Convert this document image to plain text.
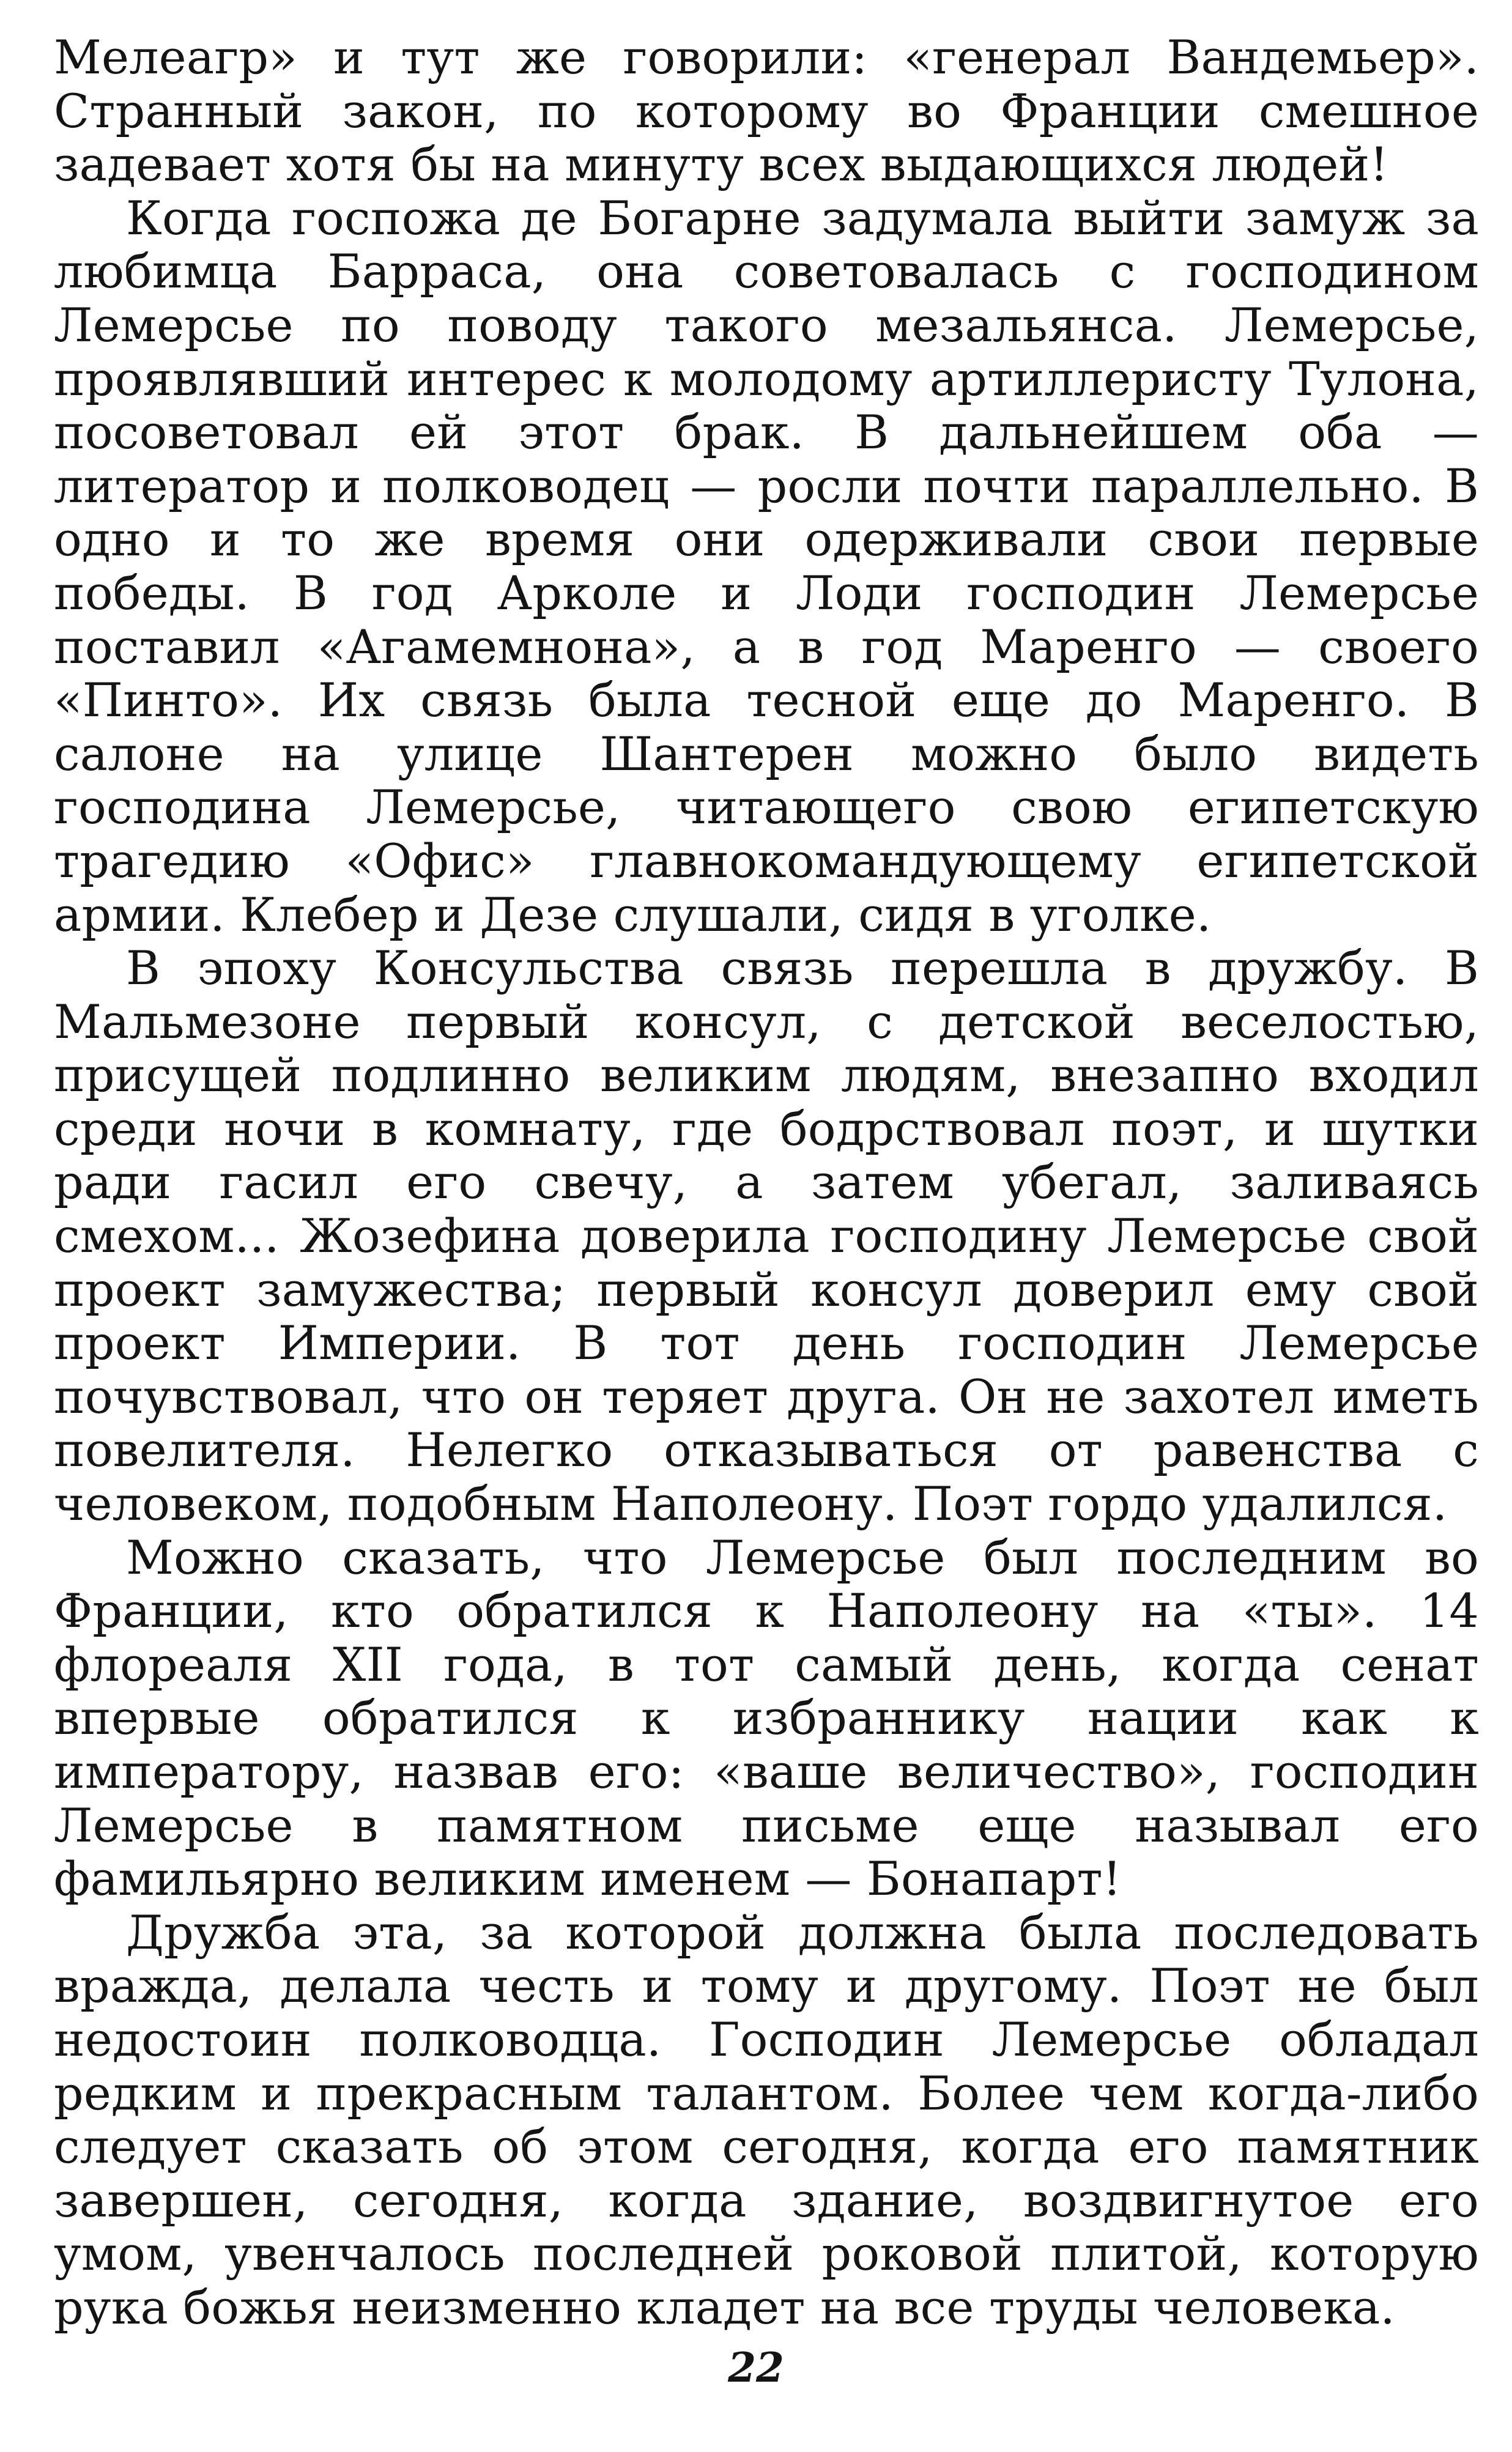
Мелеагр» и тут же говорили: «генерал Вандемьер». Странный закон, по которому во Франции смешное задевает хотя бы на минуту всех выдающихся людей!

Когда госпожа де Богарне задумала выйти замуж за любимца Барраса, она советовалась с господином Лемерсье по поводу такого мезальянса. Лемерсье, проявлявший интерес к молодому артиллеристу Тулона, посоветовал ей этот брак. В дальнейшем оба — литератор и полководец — росли почти параллельно. В одно и то же время они одерживали свои первые победы. В год Арколе и Лоди господин Лемерсье поставил «Агамемнона», а в год Маренго — своего «Пинто». Их связь была тесной еще до Маренго. В салоне на улице Шантерен можно было видеть господина Лемерсье, читающего свою египетскую трагедию «Офис» главнокомандующему египетской армии. Клебер и Дезе слушали, сидя в уголке.

В эпоху Консульства связь перешла в дружбу. В Мальмезоне первый консул, с детской веселостью, присущей подлинно великим людям, внезапно входил среди ночи в комнату, где бодрствовал поэт, и шутки ради гасил его свечу, а затем убегал, заливаясь смехом... Жозефина доверила господину Лемерсье свой проект замужества; первый консул доверил ему свой проект Империи. В тот день господин Лемерсье почувствовал, что он теряет друга. Он не захотел иметь повелителя. Нелегко отказываться от равенства с человеком, подобным Наполеону. Поэт гордо удалился.

Можно сказать, что Лемерсье был последним во Франции, кто обратился к Наполеону на «ты». 14 флореаля XII года, в тот самый день, когда сенат впервые обратился к избраннику нации как к императору, назвав его: «ваше величество», господин Лемерсье в памятном письме еще называл его фамильярно великим именем — Бонапарт!

Дружба эта, за которой должна была последовать вражда, делала честь и тому и другому. Поэт не был недостоин полководца. Господин Лемерсье обладал редким и прекрасным талантом. Более чем когда-либо следует сказать об этом сегодня, когда его памятник завершен, сегодня, когда здание, воздвигнутое его умом, увенчалось последней роковой плитой, которую рука божья неизменно кладет на все труды человека.

22
